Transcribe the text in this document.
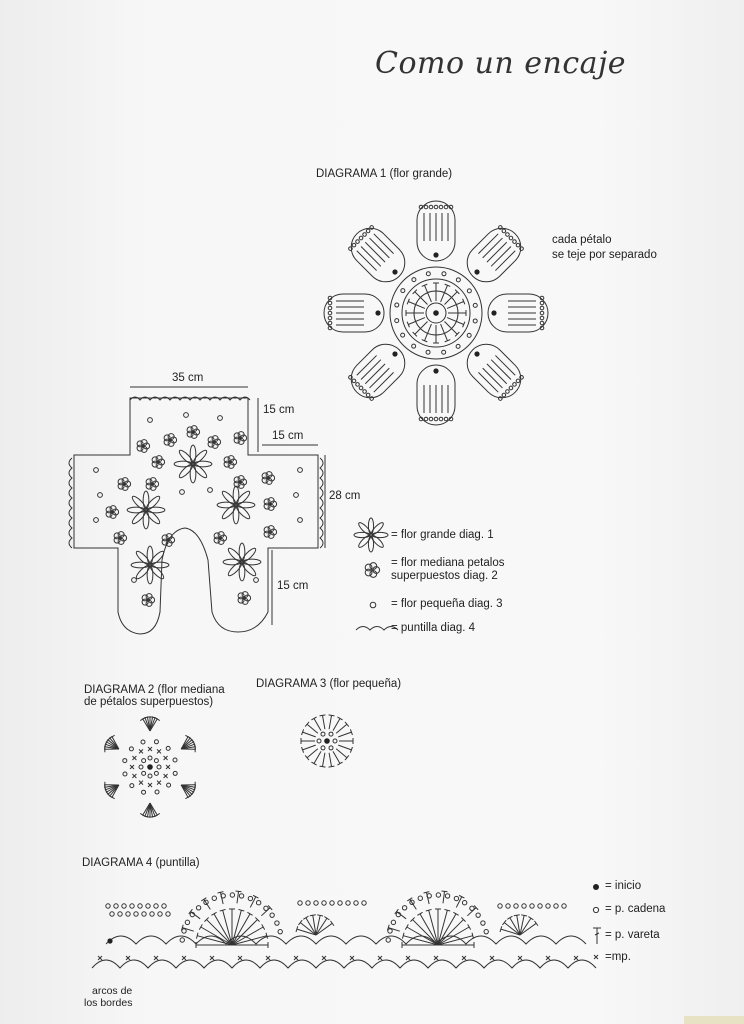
Como un encaje
DIAGRAMA 1 (flor grande)
cada pétalo
se teje por separado
35 cm
15 cm
15 cm
28 cm
15 cm
= flor grande diag. 1
= flor mediana petalos
superpuestos diag. 2
= flor pequeña diag. 3
= puntilla diag. 4
DIAGRAMA 2 (flor mediana
de pétalos superpuestos)
DIAGRAMA 3 (flor pequeña)
DIAGRAMA 4 (puntilla)
arcos de
los bordes
= inicio
= p. cadena
= p. vareta
=mp.
